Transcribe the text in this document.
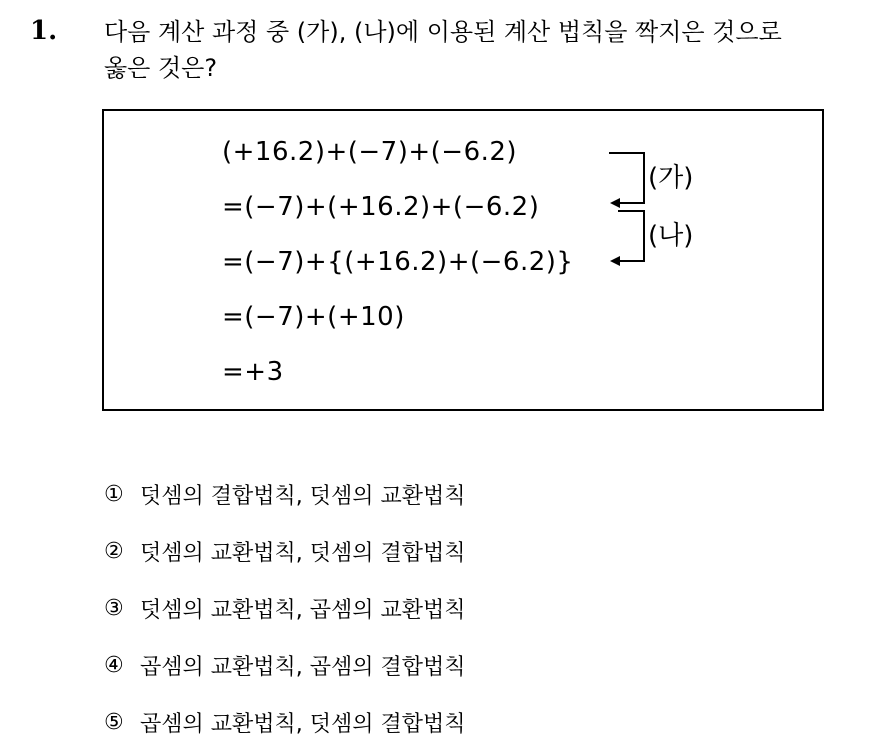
1. 다음 계산 과정 중 (가), (나)에 이용된 계산 법칙을 짝지은 것으로
옳은 것은?
(+16.2)+(−7)+(−6.2)
=(−7)+(+16.2)+(−6.2)
=(−7)+{(+16.2)+(−6.2)}
=(−7)+(+10)
=+3
(가)
(나)
① 덧셈의 결합법칙, 덧셈의 교환법칙
② 덧셈의 교환법칙, 덧셈의 결합법칙
③ 덧셈의 교환법칙, 곱셈의 교환법칙
④ 곱셈의 교환법칙, 곱셈의 결합법칙
⑤ 곱셈의 교환법칙, 덧셈의 결합법칙
